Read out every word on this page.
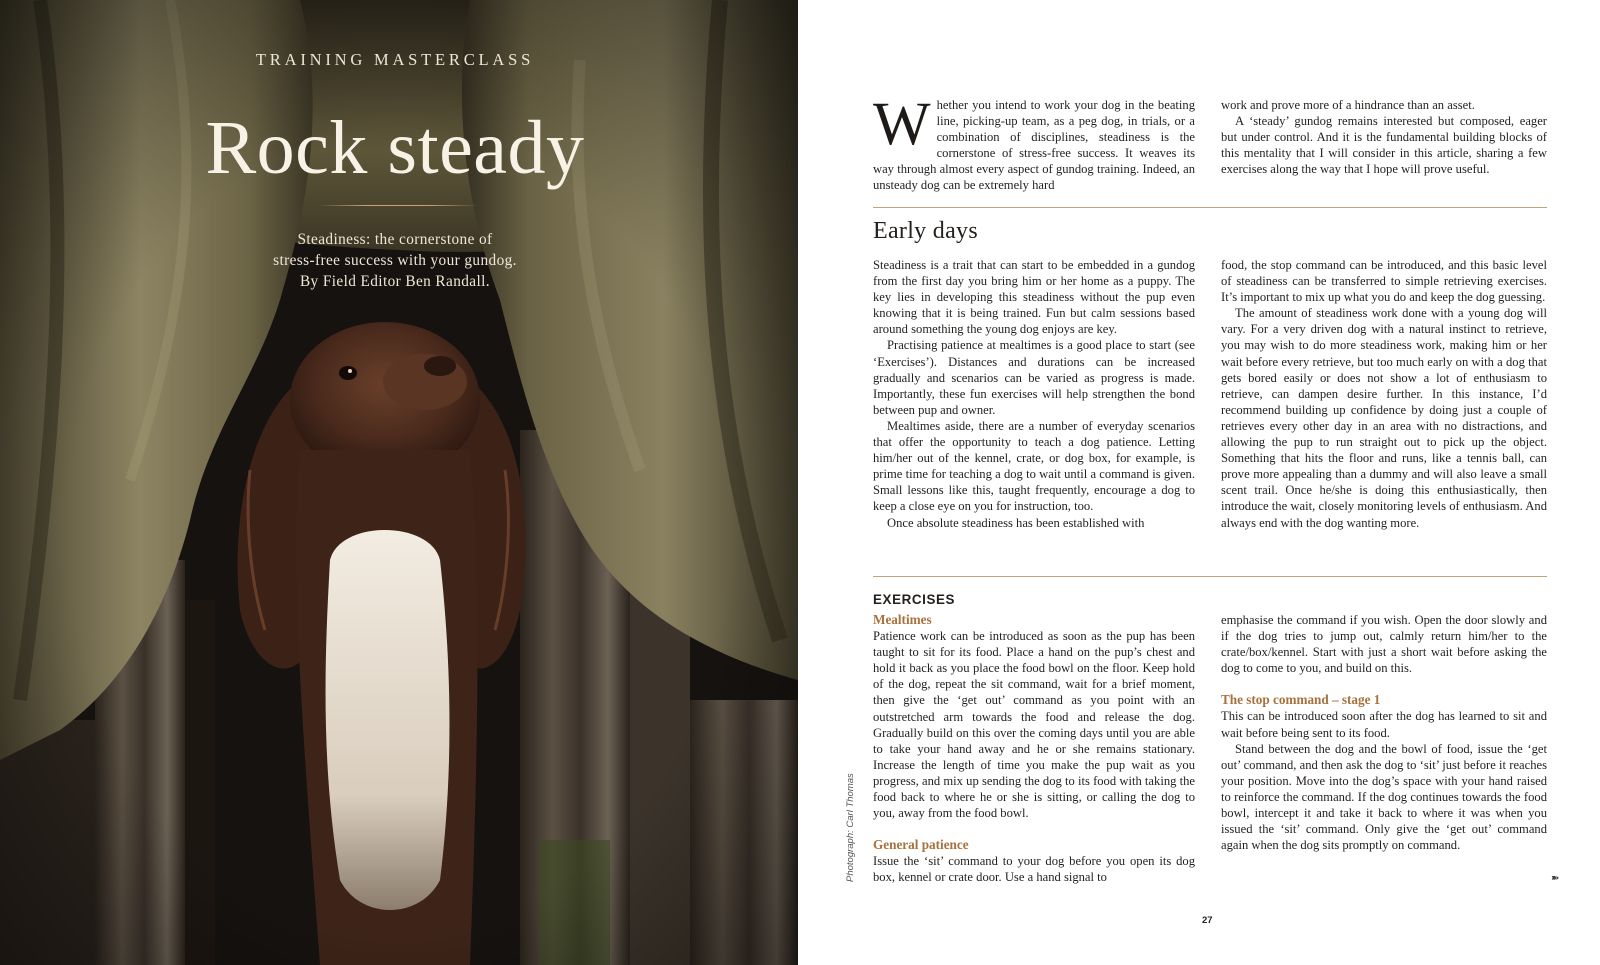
TRAINING MASTERCLASS
Rock steady
Steadiness: the cornerstone of
stress-free success with your gundog.
By Field Editor Ben Randall.
Photograph: Carl Thomas

Whether you intend to work your dog in the beating line, picking-up team, as a peg dog, in trials, or a combination of disciplines, steadiness is the cornerstone of stress-free success. It weaves its way through almost every aspect of gundog training. Indeed, an unsteady dog can be extremely hard

work and prove more of a hindrance than an asset.

A ‘steady’ gundog remains interested but composed, eager but under control. And it is the fundamental building blocks of this mentality that I will consider in this article, sharing a few exercises along the way that I hope will prove useful.

Early days

Steadiness is a trait that can start to be embedded in a gundog from the first day you bring him or her home as a puppy. The key lies in developing this steadiness without the pup even knowing that it is being trained. Fun but calm sessions based around something the young dog enjoys are key.

Practising patience at mealtimes is a good place to start (see ‘Exercises’). Distances and durations can be increased gradually and scenarios can be varied as progress is made. Importantly, these fun exercises will help strengthen the bond between pup and owner.

Mealtimes aside, there are a number of everyday scenarios that offer the opportunity to teach a dog patience. Letting him/her out of the kennel, crate, or dog box, for example, is prime time for teaching a dog to wait until a command is given. Small lessons like this, taught frequently, encourage a dog to keep a close eye on you for instruction, too.

Once absolute steadiness has been established with

food, the stop command can be introduced, and this basic level of steadiness can be transferred to simple retrieving exercises. It’s important to mix up what you do and keep the dog guessing.

The amount of steadiness work done with a young dog will vary. For a very driven dog with a natural instinct to retrieve, you may wish to do more steadiness work, making him or her wait before every retrieve, but too much early on with a dog that gets bored easily or does not show a lot of enthusiasm to retrieve, can dampen desire further. In this instance, I’d recommend building up confidence by doing just a couple of retrieves every other day in an area with no distractions, and allowing the pup to run straight out to pick up the object. Something that hits the floor and runs, like a tennis ball, can prove more appealing than a dummy and will also leave a small scent trail. Once he/she is doing this enthusiastically, then introduce the wait, closely monitoring levels of enthusiasm. And always end with the dog wanting more.

EXERCISES

Mealtimes

Patience work can be introduced as soon as the pup has been taught to sit for its food. Place a hand on the pup’s chest and hold it back as you place the food bowl on the floor. Keep hold of the dog, repeat the sit command, wait for a brief moment, then give the ‘get out’ command as you point with an outstretched arm towards the food and release the dog. Gradually build on this over the coming days until you are able to take your hand away and he or she remains stationary. Increase the length of time you make the pup wait as you progress, and mix up sending the dog to its food with taking the food back to where he or she is sitting, or calling the dog to you, away from the food bowl.

General patience

Issue the ‘sit’ command to your dog before you open its dog box, kennel or crate door. Use a hand signal to

emphasise the command if you wish. Open the door slowly and if the dog tries to jump out, calmly return him/her to the crate/box/kennel. Start with just a short wait before asking the dog to come to you, and build on this.

The stop command – stage 1

This can be introduced soon after the dog has learned to sit and wait before being sent to its food.

Stand between the dog and the bowl of food, issue the ‘get out’ command, and then ask the dog to ‘sit’ just before it reaches your position. Move into the dog’s space with your hand raised to reinforce the command. If the dog continues towards the food bowl, intercept it and take it back to where it was when you issued the ‘sit’ command. Only give the ‘get out’ command again when the dog sits promptly on command.

➽
27
